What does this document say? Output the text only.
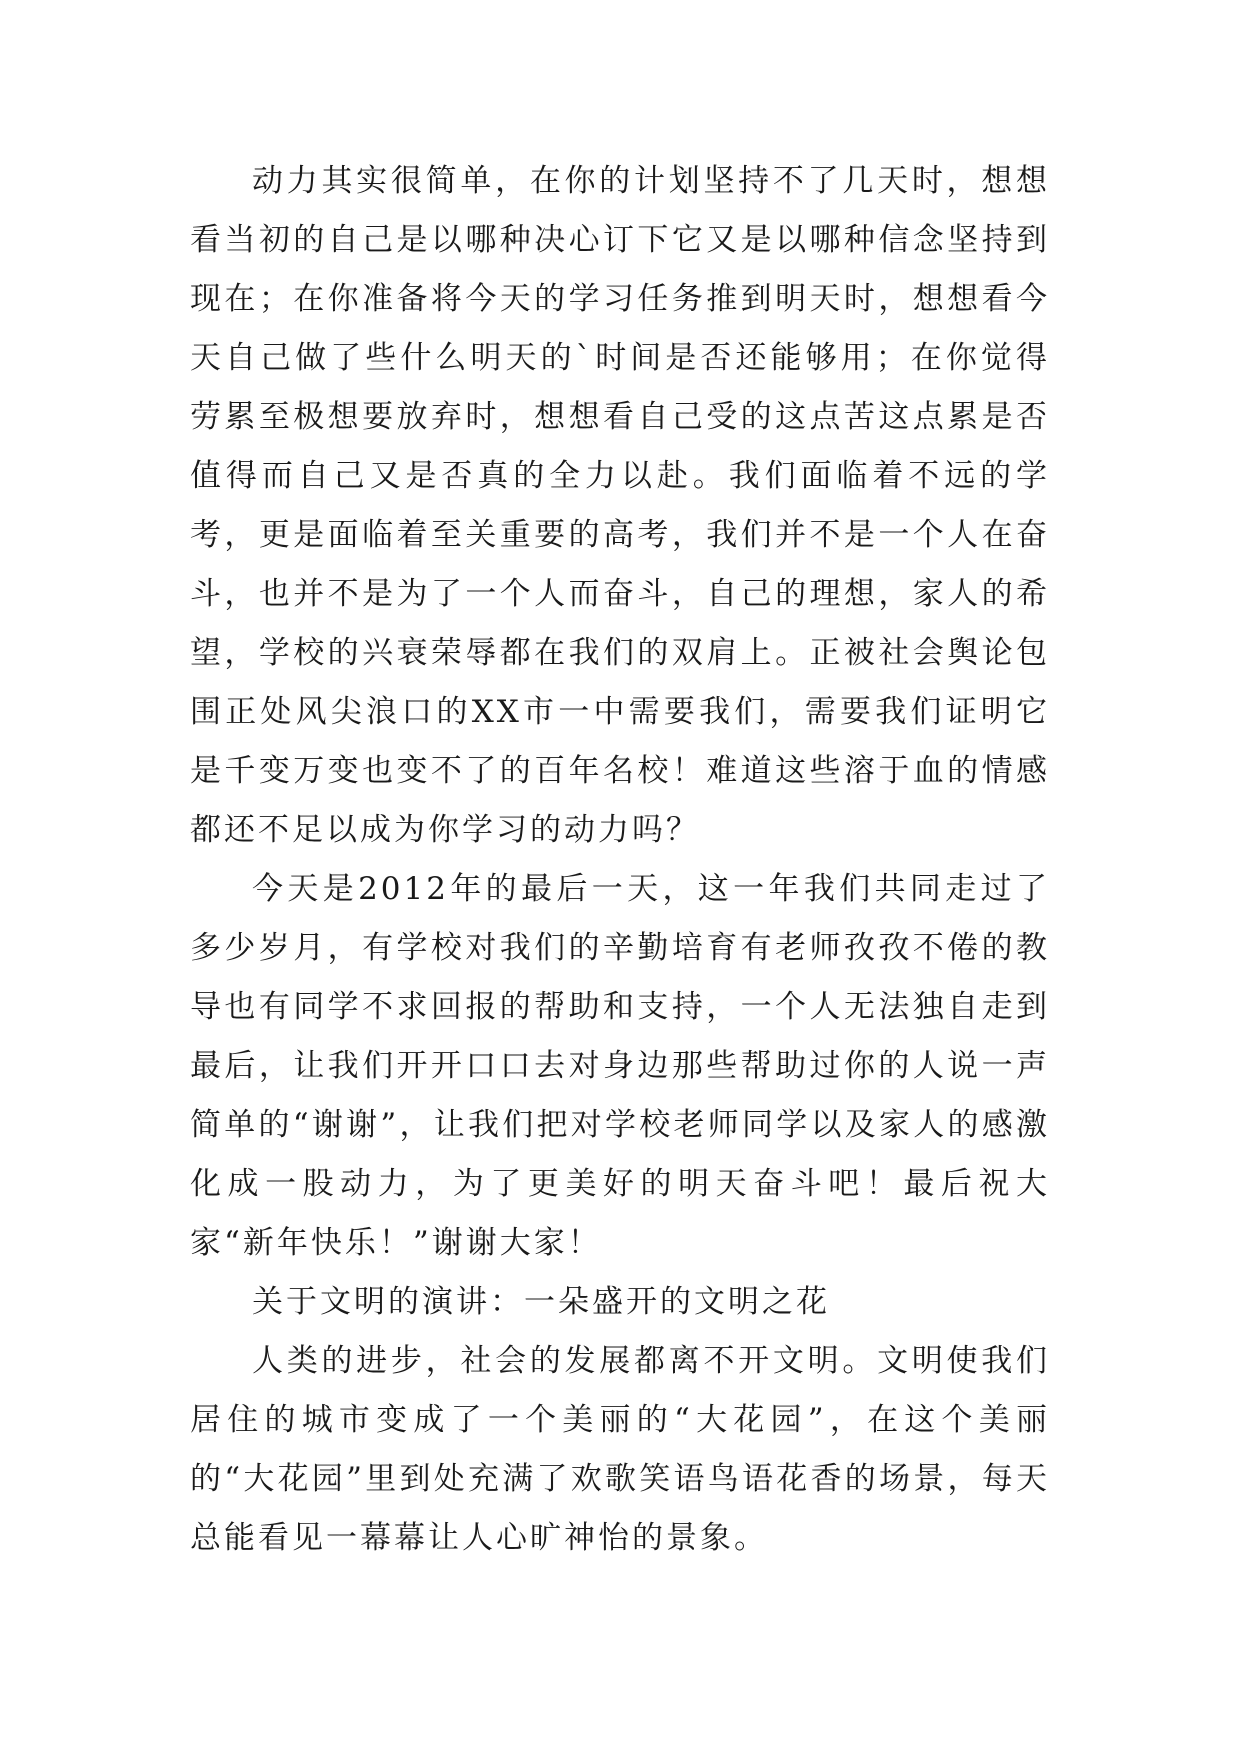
动力其实很简单，在你的计划坚持不了几天时，想想看当初的自己是以哪种决心订下它又是以哪种信念坚持到现在；在你准备将今天的学习任务推到明天时，想想看今天自己做了些什么明天的`时间是否还能够用；在你觉得劳累至极想要放弃时，想想看自己受的这点苦这点累是否值得而自己又是否真的全力以赴。我们面临着不远的学考，更是面临着至关重要的高考，我们并不是一个人在奋斗，也并不是为了一个人而奋斗，自己的理想，家人的希望，学校的兴衰荣辱都在我们的双肩上。正被社会舆论包围正处风尖浪口的XX市一中需要我们，需要我们证明它是千变万变也变不了的百年名校！难道这些溶于血的情感都还不足以成为你学习的动力吗？

今天是2012年的最后一天，这一年我们共同走过了多少岁月，有学校对我们的辛勤培育有老师孜孜不倦的教导也有同学不求回报的帮助和支持，一个人无法独自走到最后，让我们开开口口去对身边那些帮助过你的人说一声简单的“谢谢”，让我们把对学校老师同学以及家人的感激化成一股动力，为了更美好的明天奋斗吧！最后祝大家“新年快乐！”谢谢大家！

关于文明的演讲：一朵盛开的文明之花

人类的进步，社会的发展都离不开文明。文明使我们居住的城市变成了一个美丽的“大花园”，在这个美丽的“大花园”里到处充满了欢歌笑语鸟语花香的场景，每天总能看见一幕幕让人心旷神怡的景象。
